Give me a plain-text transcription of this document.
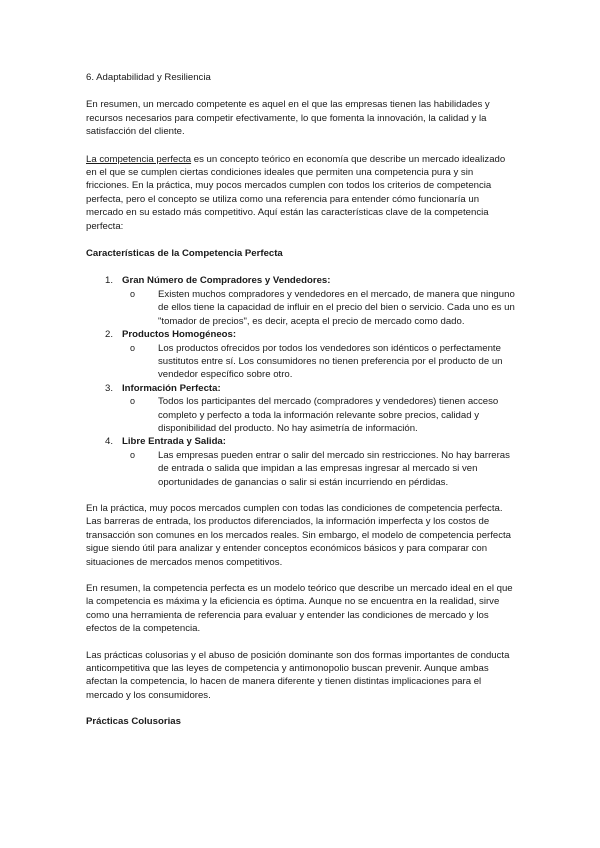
6. Adaptabilidad y Resiliencia

En resumen, un mercado competente es aquel en el que las empresas tienen las habilidades y recursos necesarios para competir efectivamente, lo que fomenta la innovación, la calidad y la satisfacción del cliente.

La competencia perfecta es un concepto teórico en economía que describe un mercado idealizado en el que se cumplen ciertas condiciones ideales que permiten una competencia pura y sin fricciones. En la práctica, muy pocos mercados cumplen con todos los criterios de competencia perfecta, pero el concepto se utiliza como una referencia para entender cómo funcionaría un mercado en su estado más competitivo. Aquí están las características clave de la competencia perfecta:

Características de la Competencia Perfecta

1. Gran Número de Compradores y Vendedores:
o Existen muchos compradores y vendedores en el mercado, de manera que ninguno de ellos tiene la capacidad de influir en el precio del bien o servicio. Cada uno es un "tomador de precios", es decir, acepta el precio de mercado como dado.
2. Productos Homogéneos:
o Los productos ofrecidos por todos los vendedores son idénticos o perfectamente sustitutos entre sí. Los consumidores no tienen preferencia por el producto de un vendedor específico sobre otro.
3. Información Perfecta:
o Todos los participantes del mercado (compradores y vendedores) tienen acceso completo y perfecto a toda la información relevante sobre precios, calidad y disponibilidad del producto. No hay asimetría de información.
4. Libre Entrada y Salida:
o Las empresas pueden entrar o salir del mercado sin restricciones. No hay barreras de entrada o salida que impidan a las empresas ingresar al mercado si ven oportunidades de ganancias o salir si están incurriendo en pérdidas.

En la práctica, muy pocos mercados cumplen con todas las condiciones de competencia perfecta. Las barreras de entrada, los productos diferenciados, la información imperfecta y los costos de transacción son comunes en los mercados reales. Sin embargo, el modelo de competencia perfecta sigue siendo útil para analizar y entender conceptos económicos básicos y para comparar con situaciones de mercados menos competitivos.

En resumen, la competencia perfecta es un modelo teórico que describe un mercado ideal en el que la competencia es máxima y la eficiencia es óptima. Aunque no se encuentra en la realidad, sirve como una herramienta de referencia para evaluar y entender las condiciones de mercado y los efectos de la competencia.

Las prácticas colusorias y el abuso de posición dominante son dos formas importantes de conducta anticompetitiva que las leyes de competencia y antimonopolio buscan prevenir. Aunque ambas afectan la competencia, lo hacen de manera diferente y tienen distintas implicaciones para el mercado y los consumidores.

Prácticas Colusorias
